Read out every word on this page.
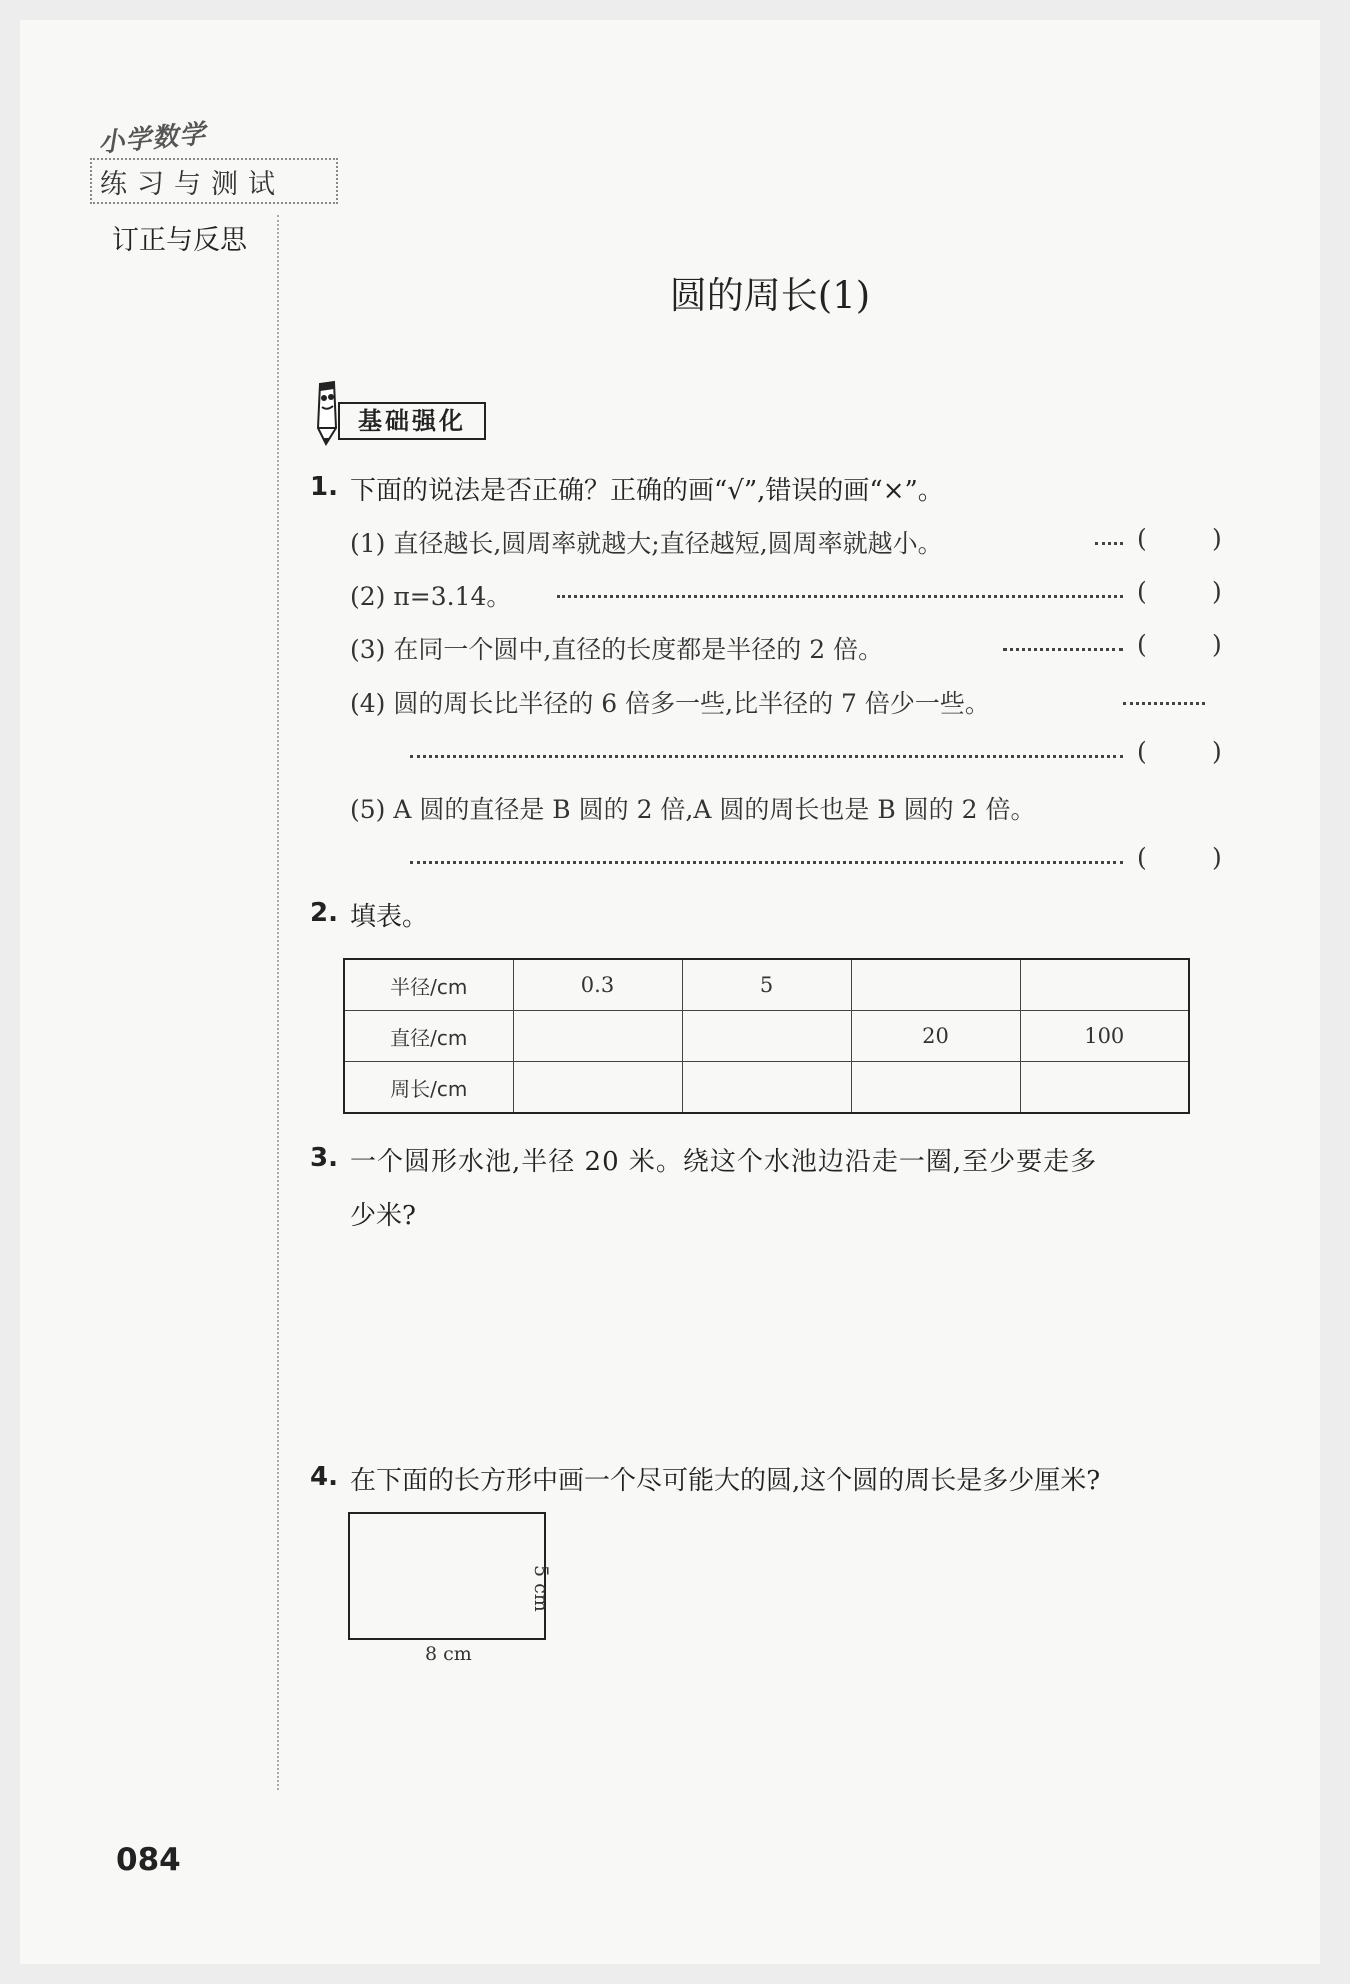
小学数学
练习与测试
订正与反思
圆的周长(1)
基础强化
1. 下面的说法是否正确？正确的画“√”,错误的画“×”。
(1) 直径越长,圆周率就越大;直径越短,圆周率就越小。	(	)
(2) π=3.14。	(	)
(3) 在同一个圆中,直径的长度都是半径的 2 倍。	(	)
(4) 圆的周长比半径的 6 倍多一些,比半径的 7 倍少一些。
(	)
(5) A 圆的直径是 B 圆的 2 倍,A 圆的周长也是 B 圆的 2 倍。
(	)
2. 填表。
半径/cm	0.3	5		
直径/cm			20	100
周长/cm				
3. 一个圆形水池,半径 20 米。绕这个水池边沿走一圈,至少要走多
少米?
4. 在下面的长方形中画一个尽可能大的圆,这个圆的周长是多少厘米?
8 cm
5 cm
084
